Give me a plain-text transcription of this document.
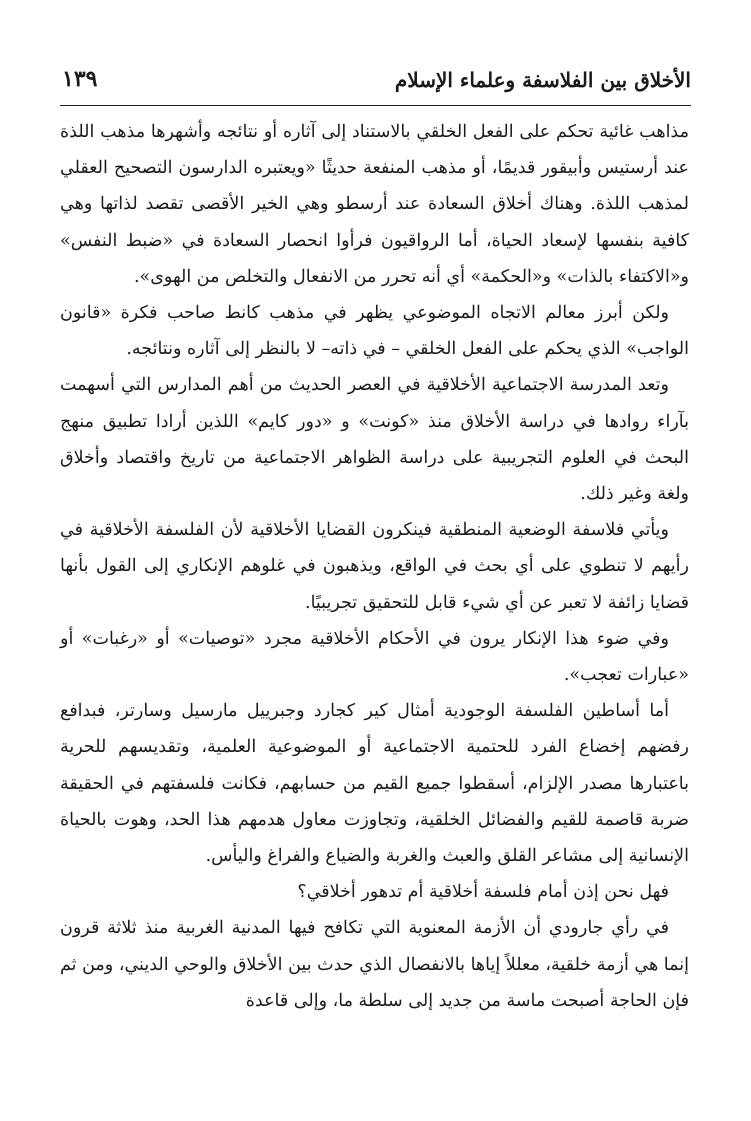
الأخلاق بين الفلاسفة وعلماء الإسلام
١٣٩

مذاهب غائية تحكم على الفعل الخلقي بالاستناد إلى آثاره أو نتائجه وأشهرها مذهب اللذة عند أرستيس وأبيقور قديمًا، أو مذهب المنفعة حديثًا «ويعتبره الدارسون التصحيح العقلي لمذهب اللذة. وهناك أخلاق السعادة عند أرسطو وهي الخير الأقصى تقصد لذاتها وهي كافية بنفسها لإسعاد الحياة، أما الرواقيون فرأوا انحصار السعادة في «ضبط النفس» و«الاكتفاء بالذات» و«الحكمة» أي أنه تحرر من الانفعال والتخلص من الهوى».

ولكن أبرز معالم الاتجاه الموضوعي يظهر في مذهب كانط صاحب فكرة «قانون الواجب» الذي يحكم على الفعل الخلقي – في ذاته– لا بالنظر إلى آثاره ونتائجه.

وتعد المدرسة الاجتماعية الأخلاقية في العصر الحديث من أهم المدارس التي أسهمت بآراء روادها في دراسة الأخلاق منذ «كونت» و «دور كايم» اللذين أرادا تطبيق منهج البحث في العلوم التجريبية على دراسة الظواهر الاجتماعية من تاريخ واقتصاد وأخلاق ولغة وغير ذلك.

ويأتي فلاسفة الوضعية المنطقية فينكرون القضايا الأخلاقية لأن الفلسفة الأخلاقية في رأيهم لا تنطوي على أي بحث في الواقع، ويذهبون في غلوهم الإنكاري إلى القول بأنها قضايا زائفة لا تعبر عن أي شيء قابل للتحقيق تجريبيًا.

وفي ضوء هذا الإنكار يرون في الأحكام الأخلاقية مجرد «توصيات» أو «رغبات» أو «عبارات تعجب».

أما أساطين الفلسفة الوجودية أمثال كير كجارد وجبرييل مارسيل وسارتر، فبدافع رفضهم إخضاع الفرد للحتمية الاجتماعية أو الموضوعية العلمية، وتقديسهم للحرية باعتبارها مصدر الإلزام، أسقطوا جميع القيم من حسابهم، فكانت فلسفتهم في الحقيقة ضربة قاصمة للقيم والفضائل الخلقية، وتجاوزت معاول هدمهم هذا الحد، وهوت بالحياة الإنسانية إلى مشاعر القلق والعبث والغربة والضياع والفراغ واليأس.

فهل نحن إذن أمام فلسفة أخلاقية أم تدهور أخلاقي؟

في رأي جارودي أن الأزمة المعنوية التي تكافح فيها المدنية الغربية منذ ثلاثة قرون إنما هي أزمة خلقية، معللاً إياها بالانفصال الذي حدث بين الأخلاق والوحي الديني، ومن ثم فإن الحاجة أصبحت ماسة من جديد إلى سلطة ما، وإلى قاعدة
